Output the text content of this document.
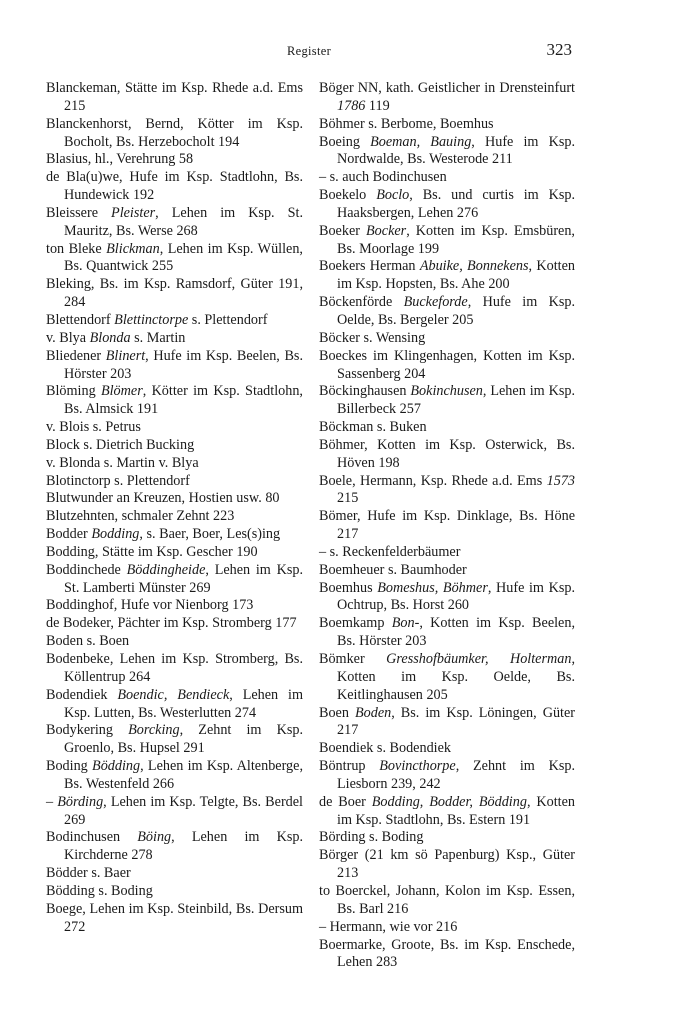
Register	323

Blanckeman, Stätte im Ksp. Rhede a.d. Ems 215

Blanckenhorst, Bernd, Kötter im Ksp. Bocholt, Bs. Herzebocholt 194

Blasius, hl., Verehrung 58

de Bla(u)we, Hufe im Ksp. Stadtlohn, Bs. Hundewick 192

Bleissere Pleister, Lehen im Ksp. St. Mauritz, Bs. Werse 268

ton Bleke Blickman, Lehen im Ksp. Wüllen, Bs. Quantwick 255

Bleking, Bs. im Ksp. Ramsdorf, Güter 191, 284

Blettendorf Blettinctorpe s. Plettendorf

v. Blya Blonda s. Martin

Bliedener Blinert, Hufe im Ksp. Beelen, Bs. Hörster 203

Blöming Blömer, Kötter im Ksp. Stadtlohn, Bs. Almsick 191

v. Blois s. Petrus

Block s. Dietrich Bucking

v. Blonda s. Martin v. Blya

Blotinctorp s. Plettendorf

Blutwunder an Kreuzen, Hostien usw. 80

Blutzehnten, schmaler Zehnt 223

Bodder Bodding, s. Baer, Boer, Les(s)ing

Bodding, Stätte im Ksp. Gescher 190

Boddinchede Böddingheide, Lehen im Ksp. St. Lamberti Münster 269

Boddinghof, Hufe vor Nienborg 173

de Bodeker, Pächter im Ksp. Stromberg 177

Boden s. Boen

Bodenbeke, Lehen im Ksp. Stromberg, Bs. Köllentrup 264

Bodendiek Boendic, Bendieck, Lehen im Ksp. Lutten, Bs. Westerlutten 274

Bodykering Borcking, Zehnt im Ksp. Groenlo, Bs. Hupsel 291

Boding Bödding, Lehen im Ksp. Altenberge, Bs. Westenfeld 266

– Börding, Lehen im Ksp. Telgte, Bs. Berdel 269

Bodinchusen Böing, Lehen im Ksp. Kirchderne 278

Bödder s. Baer

Bödding s. Boding

Boege, Lehen im Ksp. Steinbild, Bs. Dersum 272

Böger NN, kath. Geistlicher in Drensteinfurt 1786 119

Böhmer s. Berbome, Boemhus

Boeing Boeman, Bauing, Hufe im Ksp. Nordwalde, Bs. Westerode 211

– s. auch Bodinchusen

Boekelo Boclo, Bs. und curtis im Ksp. Haaksbergen, Lehen 276

Boeker Bocker, Kotten im Ksp. Emsbüren, Bs. Moorlage 199

Boekers Herman Abuike, Bonnekens, Kotten im Ksp. Hopsten, Bs. Ahe 200

Böckenförde Buckeforde, Hufe im Ksp. Oelde, Bs. Bergeler 205

Böcker s. Wensing

Boeckes im Klingenhagen, Kotten im Ksp. Sassenberg 204

Böckinghausen Bokinchusen, Lehen im Ksp. Billerbeck 257

Böckman s. Buken

Böhmer, Kotten im Ksp. Osterwick, Bs. Höven 198

Boele, Hermann, Ksp. Rhede a.d. Ems 1573 215

Bömer, Hufe im Ksp. Dinklage, Bs. Höne 217

– s. Reckenfelderbäumer

Boemheuer s. Baumhoder

Boemhus Bomeshus, Böhmer, Hufe im Ksp. Ochtrup, Bs. Horst 260

Boemkamp Bon-, Kotten im Ksp. Beelen, Bs. Hörster 203

Bömker Gresshofbäumker, Holterman, Kotten im Ksp. Oelde, Bs. Keitlinghausen 205

Boen Boden, Bs. im Ksp. Löningen, Güter 217

Boendiek s. Bodendiek

Böntrup Bovincthorpe, Zehnt im Ksp. Liesborn 239, 242

de Boer Bodding, Bodder, Bödding, Kotten im Ksp. Stadtlohn, Bs. Estern 191

Börding s. Boding

Börger (21 km sö Papenburg) Ksp., Güter 213

to Boerckel, Johann, Kolon im Ksp. Essen, Bs. Barl 216

– Hermann, wie vor 216

Boermarke, Groote, Bs. im Ksp. Enschede, Lehen 283
